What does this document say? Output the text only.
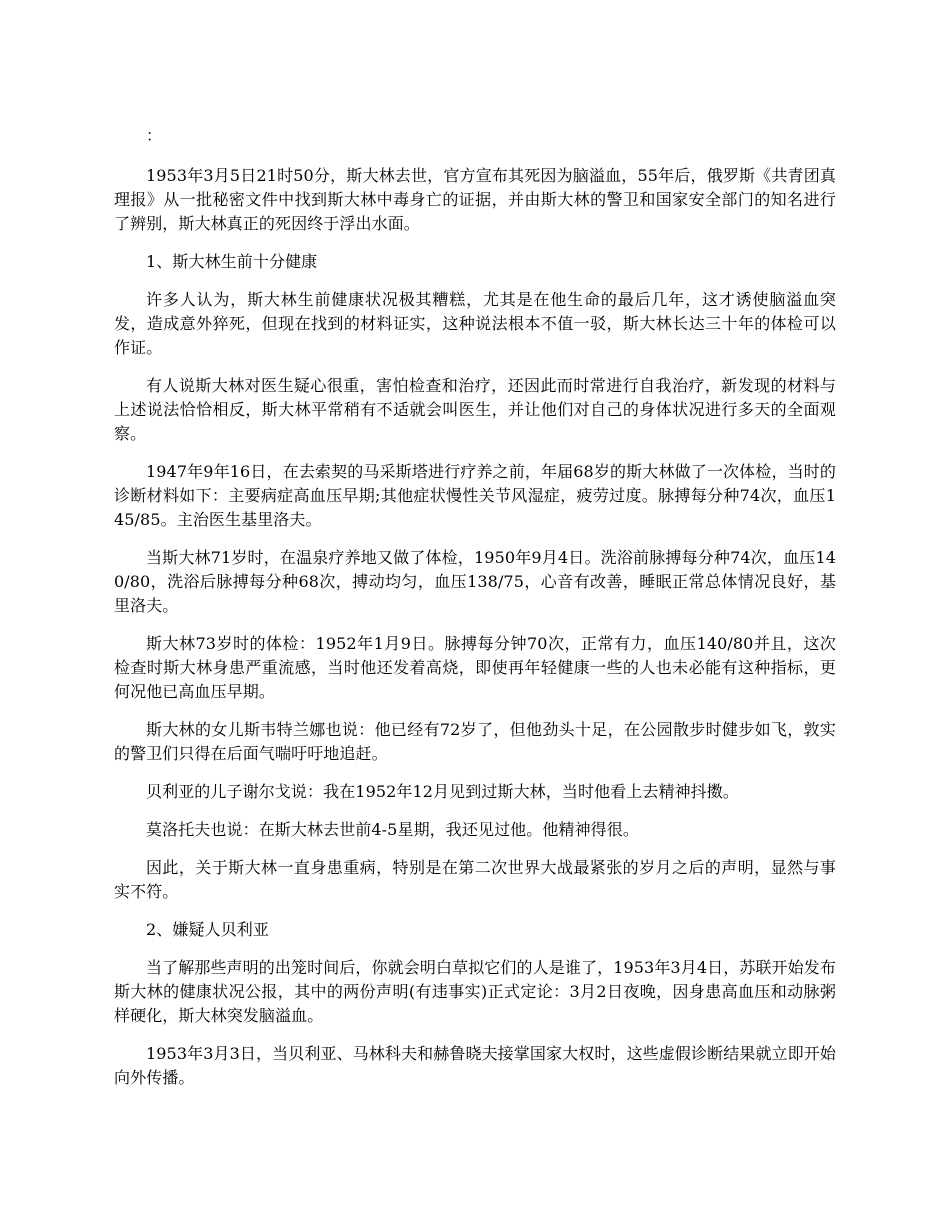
：

1953年3月5日21时50分，斯大林去世，官方宣布其死因为脑溢血，55年后，俄罗斯《共青团真理报》从一批秘密文件中找到斯大林中毒身亡的证据，并由斯大林的警卫和国家安全部门的知名进行了辨别，斯大林真正的死因终于浮出水面。

1、斯大林生前十分健康

许多人认为，斯大林生前健康状况极其糟糕，尤其是在他生命的最后几年，这才诱使脑溢血突发，造成意外猝死，但现在找到的材料证实，这种说法根本不值一驳，斯大林长达三十年的体检可以作证。

有人说斯大林对医生疑心很重，害怕检查和治疗，还因此而时常进行自我治疗，新发现的材料与上述说法恰恰相反，斯大林平常稍有不适就会叫医生，并让他们对自己的身体状况进行多天的全面观察。

1947年9年16日，在去索契的马采斯塔进行疗养之前，年届68岁的斯大林做了一次体检，当时的诊断材料如下：主要病症高血压早期;其他症状慢性关节风湿症，疲劳过度。脉搏每分种74次，血压145/85。主治医生基里洛夫。

当斯大林71岁时，在温泉疗养地又做了体检，1950年9月4日。洗浴前脉搏每分种74次，血压140/80，洗浴后脉搏每分种68次，搏动均匀，血压138/75，心音有改善，睡眠正常总体情况良好，基里洛夫。

斯大林73岁时的体检：1952年1月9日。脉搏每分钟70次，正常有力，血压140/80并且，这次检查时斯大林身患严重流感，当时他还发着高烧，即使再年轻健康一些的人也未必能有这种指标，更何况他已高血压早期。

斯大林的女儿斯韦特兰娜也说：他已经有72岁了，但他劲头十足，在公园散步时健步如飞，敦实的警卫们只得在后面气喘吁吁地追赶。

贝利亚的儿子谢尔戈说：我在1952年12月见到过斯大林，当时他看上去精神抖擞。

莫洛托夫也说：在斯大林去世前4-5星期，我还见过他。他精神得很。

因此，关于斯大林一直身患重病，特别是在第二次世界大战最紧张的岁月之后的声明，显然与事实不符。

2、嫌疑人贝利亚

当了解那些声明的出笼时间后，你就会明白草拟它们的人是谁了，1953年3月4日，苏联开始发布斯大林的健康状况公报，其中的两份声明(有违事实)正式定论：3月2日夜晚，因身患高血压和动脉粥样硬化，斯大林突发脑溢血。

1953年3月3日，当贝利亚、马林科夫和赫鲁晓夫接掌国家大权时，这些虚假诊断结果就立即开始向外传播。
